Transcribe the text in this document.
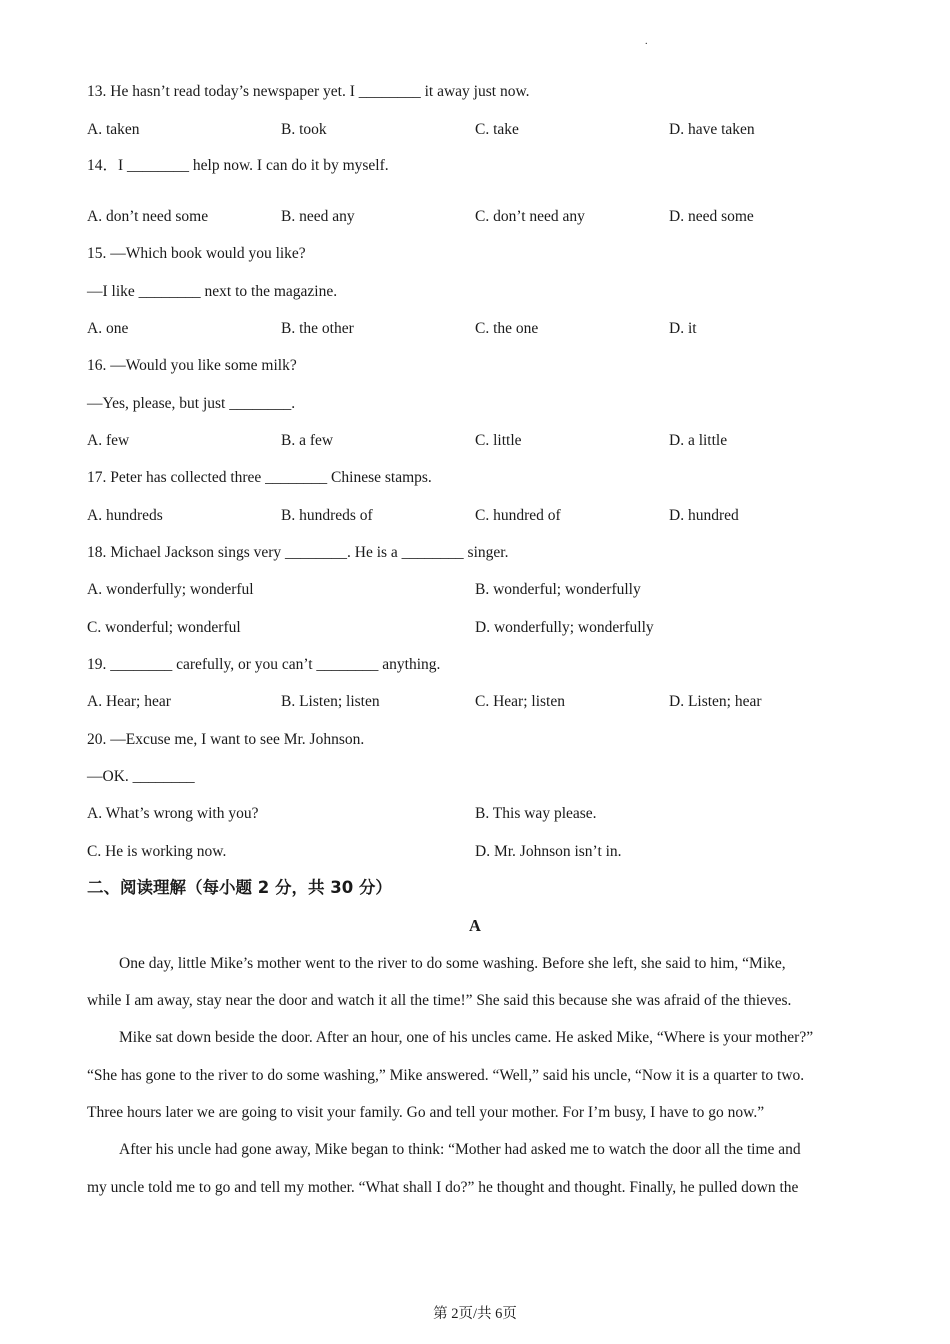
.
13. He hasn’t read today’s newspaper yet. I ________ it away just now.
A. taken	B. took	C. take	D. have taken
14．I ________ help now. I can do it by myself.
A. don’t need some	B. need any	C. don’t need any	D. need some
15. —Which book would you like?
—I like ________ next to the magazine.
A. one	B. the other	C. the one	D. it
16. —Would you like some milk?
—Yes, please, but just ________.
A. few	B. a few	C. little	D. a little
17. Peter has collected three ________ Chinese stamps.
A. hundreds	B. hundreds of	C. hundred of	D. hundred
18. Michael Jackson sings very ________. He is a ________ singer.
A. wonderfully; wonderful	B. wonderful; wonderfully
C. wonderful; wonderful	D. wonderfully; wonderfully
19. ________ carefully, or you can’t ________ anything.
A. Hear; hear	B. Listen; listen	C. Hear; listen	D. Listen; hear
20. —Excuse me, I want to see Mr. Johnson.
—OK. ________
A. What’s wrong with you?	B. This way please.
C. He is working now.	D. Mr. Johnson isn’t in.
二、阅读理解（每小题 2 分，共 30 分）
A
One day, little Mike’s mother went to the river to do some washing. Before she left, she said to him, “Mike,
while I am away, stay near the door and watch it all the time!” She said this because she was afraid of the thieves.
Mike sat down beside the door. After an hour, one of his uncles came. He asked Mike, “Where is your mother?”
“She has gone to the river to do some washing,” Mike answered. “Well,” said his uncle, “Now it is a quarter to two.
Three hours later we are going to visit your family. Go and tell your mother. For I’m busy, I have to go now.”
After his uncle had gone away, Mike began to think: “Mother had asked me to watch the door all the time and
my uncle told me to go and tell my mother. “What shall I do?” he thought and thought. Finally, he pulled down the
第 2页/共 6页
